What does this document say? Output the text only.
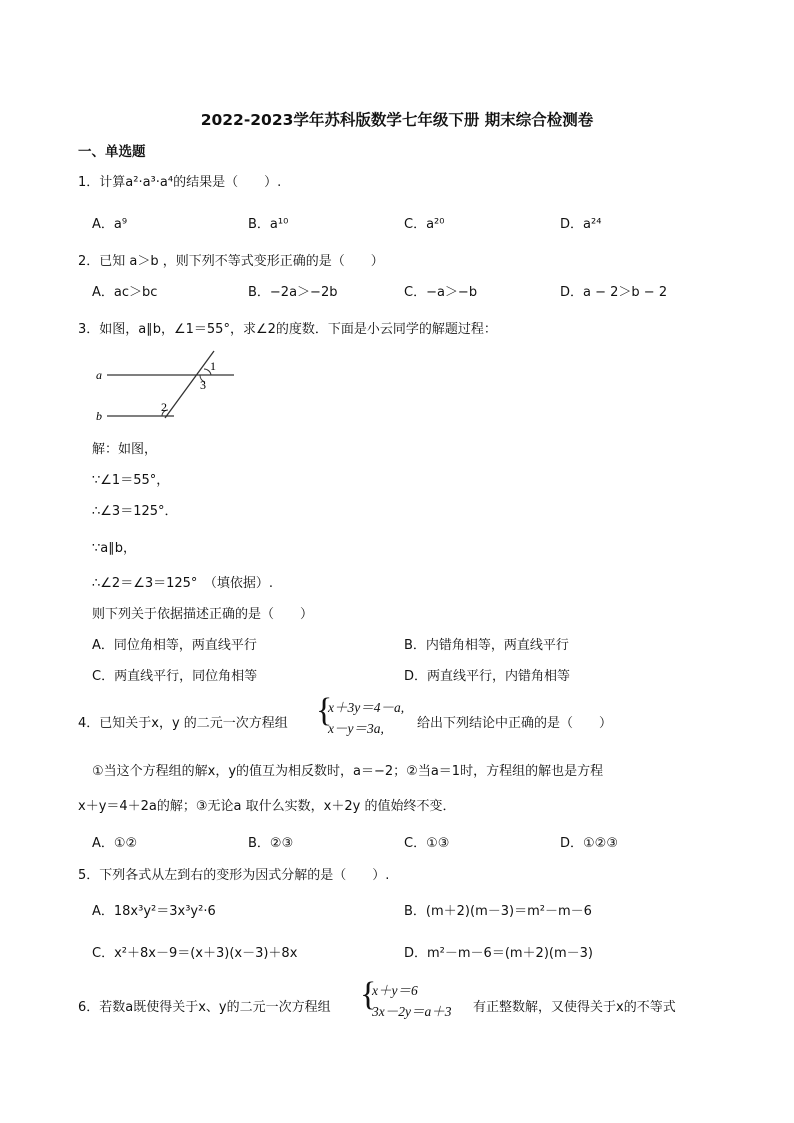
2022-2023学年苏科版数学七年级下册 期末综合检测卷
一、单选题
1．计算a²·a³·a⁴的结果是（　　）.
A．a⁹	B．a¹⁰	C．a²⁰	D．a²⁴
2．已知 a＞b ，则下列不等式变形正确的是（　　）
A．ac＞bc	B．−2a＞−2b	C．−a＞−b	D．a − 2＞b − 2
3．如图，a∥b，∠1＝55°，求∠2的度数．下面是小云同学的解题过程：
a
b
1
3
2
解：如图，
∵∠1＝55°，
∴∠3＝125°．
∵a∥b，
∴∠2＝∠3＝125°　（填依据）.
则下列关于依据描述正确的是（　　）
A．同位角相等，两直线平行	B．内错角相等，两直线平行
C．两直线平行，同位角相等	D．两直线平行，内错角相等
4．已知关于x，y 的二元一次方程组 {
x＋3y＝4－a,
x－y＝3a,	给出下列结论中正确的是（　　）
①当这个方程组的解x，y的值互为相反数时，a＝−2；②当a＝1时，方程组的解也是方程
x＋y＝4＋2a的解；③无论a 取什么实数，x＋2y 的值始终不变．
A．①②	B．②③	C．①③	D．①②③
5．下列各式从左到右的变形为因式分解的是（　　）.
A．18x³y²＝3x³y²·6	B．(m＋2)(m－3)＝m²－m－6
C．x²＋8x－9＝(x＋3)(x－3)＋8x	D．m²－m－6＝(m＋2)(m－3)
6．若数a既使得关于x、y的二元一次方程组 {
x＋y＝6
3x－2y＝a＋3 有正整数解，又使得关于x的不等式
